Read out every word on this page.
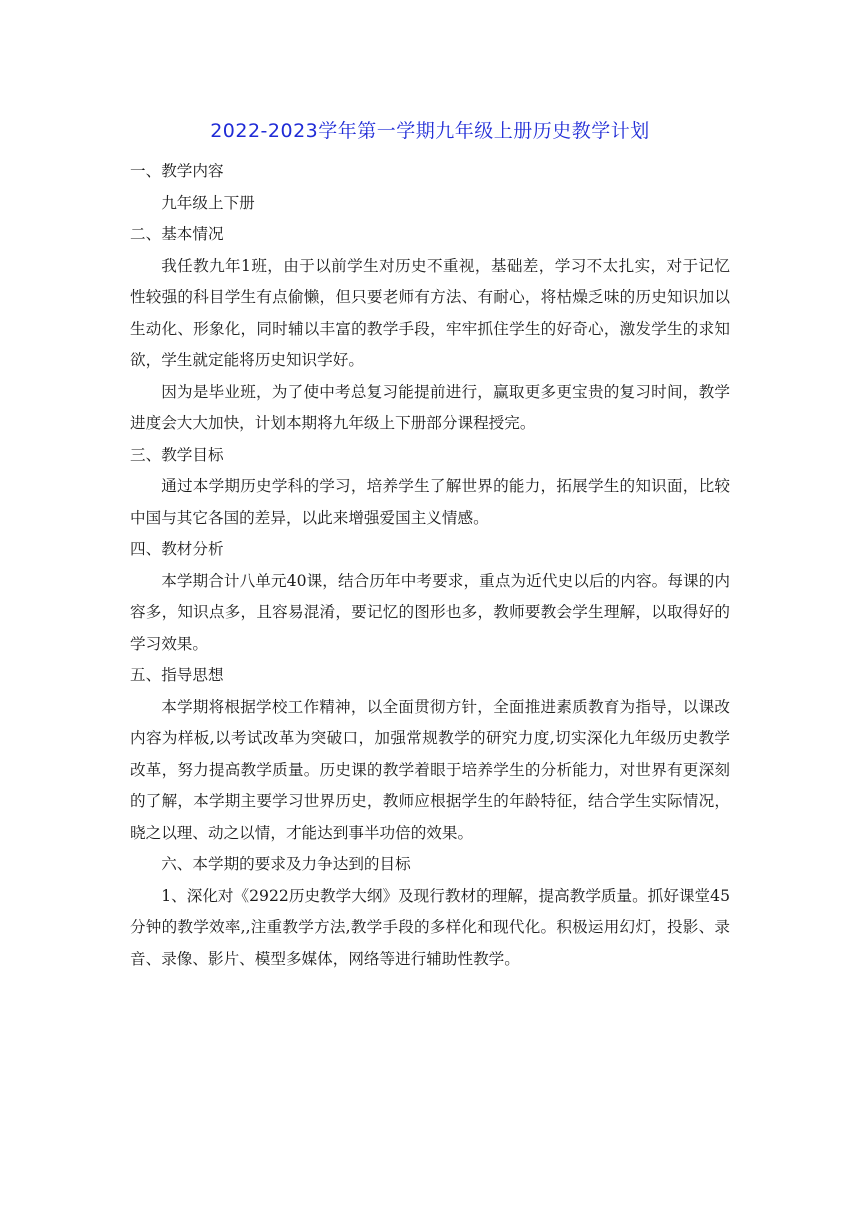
2022-2023学年第一学期九年级上册历史教学计划

一、教学内容

九年级上下册

二、基本情况

我任教九年1班，由于以前学生对历史不重视，基础差，学习不太扎实，对于记忆性较强的科目学生有点偷懒，但只要老师有方法、有耐心，将枯燥乏味的历史知识加以生动化、形象化，同时辅以丰富的教学手段，牢牢抓住学生的好奇心，激发学生的求知欲，学生就定能将历史知识学好。

因为是毕业班，为了使中考总复习能提前进行，赢取更多更宝贵的复习时间，教学进度会大大加快，计划本期将九年级上下册部分课程授完。

三、教学目标

通过本学期历史学科的学习，培养学生了解世界的能力，拓展学生的知识面，比较中国与其它各国的差异，以此来增强爱国主义情感。

四、教材分析

本学期合计八单元40课，结合历年中考要求，重点为近代史以后的内容。每课的内容多，知识点多，且容易混淆，要记忆的图形也多，教师要教会学生理解，以取得好的学习效果。

五、指导思想

本学期将根据学校工作精神，以全面贯彻方针，全面推进素质教育为指导，以课改内容为样板,以考试改革为突破口，加强常规教学的研究力度,切实深化九年级历史教学改革，努力提高教学质量。历史课的教学着眼于培养学生的分析能力，对世界有更深刻的了解，本学期主要学习世界历史，教师应根据学生的年龄特征，结合学生实际情况，晓之以理、动之以情，才能达到事半功倍的效果。

六、本学期的要求及力争达到的目标

1、深化对《2922历史教学大纲》及现行教材的理解，提高教学质量。抓好课堂45分钟的教学效率,,注重教学方法,教学手段的多样化和现代化。积极运用幻灯，投影、录音、录像、影片、模型多媒体，网络等进行辅助性教学。
